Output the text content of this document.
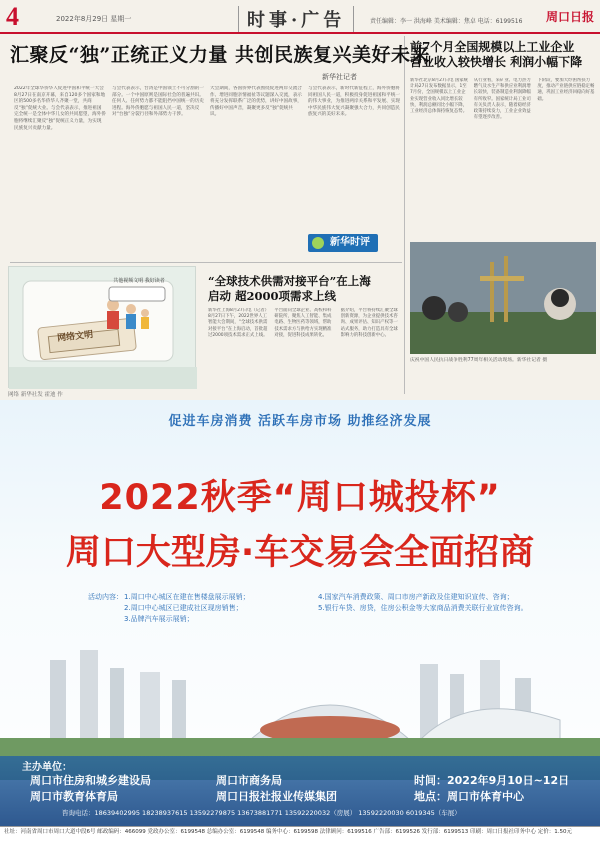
4	2022年8月29日 星期一	时事·广告	责任编辑：李一 洪海峰 美术编辑：焦卓 电话：6199516 周口日报
汇聚反“独”正统正义力量 共创民族复兴美好未来
新华社记者
2022年全球华侨华人促进中国和平统一大会8月27日在南京开幕，来自120多个国家和地区的500多名华侨华人齐聚一堂，共商反“独”促统大业。与会代表表示，推进祖国完全统一是全体中华儿女的共同愿望，海外侨胞将继续汇聚反“独”促统正义力量，为实现民族复兴贡献力量。
与会代表表示，台湾是中国领土不可分割的一部分。一个中国原则是国际社会的普遍共识。任何人、任何势力都不能阻挡中国统一的历史进程。海外侨胞愿与祖国人民一道，坚决反对“台独”分裂行径和外部势力干涉。
大会期间，各国侨界代表围绕促进两岸交流合作、增进同胞亲情福祉等议题深入交流，表示将充分发挥联系广泛的优势，讲好中国故事，传播好中国声音，凝聚更多反“独”促统共识。
与会代表表示，新时代新征程上，海外侨胞将同祖国人民一道，积极投身促进祖国和平统一的伟大事业，为推进两岸关系和平发展、实现中华民族伟大复兴凝聚强大合力，共同创造民族复兴的美好未来。
新华时评
共他视频文明 我好读者
网络文明
网络 新华社发 霍迪 作
“全球技术供需对接平台”在上海
启动 超2000项需求上线
新华社上海8月27日电（记者）8月27日下午，2022世界人工智能大会期间，“全球技术供需对接平台”在上海启动，首批超过2000项技术需求正式上线。
平台面向全球企业、高校和科研院所，聚焦人工智能、集成电路、生物医药等领域，帮助技术需求方与供给方实现精准对接，促进科技成果转化。
据介绍，平台将持续汇聚全球创新资源，为企业提供技术咨询、成果评估、知识产权等一站式服务，助力打造具有全球影响力的科技创新中心。
前7个月全国规模以上工业企业
营业收入较快增长 利润小幅下降
新华社北京8月27日电 国家统计局27日发布数据显示，1至7月份，全国规模以上工业企业实现营业收入同比增长较快，利润总额同比小幅下降，工业经济总体保持恢复态势。
从行业看，采矿业、电力热力燃气及水生产和供应业利润增长较快，装备制造业利润降幅有所收窄。国家统计局工业司有关负责人表示，随着稳经济政策持续发力，工业企业效益有望逐步改善。
下阶段，要加大纾困帮扶力度，推动产业链供应链稳定畅通，巩固工业经济回稳向好基础。
庆祝中国人民抗日战争胜利77周年相关活动现场。新华社记者 摄
促进车房消费 活跃车房市场 助推经济发展
2022秋季“周口城投杯”
周口大型房·车交易会全面招商
活动内容： 1.周口中心城区在建在售楼盘展示展销；
2.周口中心城区已建成社区现房销售；
3.品牌汽车展示展销；
4.国家汽车消费政策、周口市房产新政及住建知识宣传、咨询；
5.银行车贷、房贷，住房公积金等大家商品消费关联行业宣传咨询。
主办单位：
周口市住房和城乡建设局	周口市商务局
周口市教育体育局	周口日报社报业传媒集团
时间：2022年9月10日~12日
地点：周口市体育中心
咨询电话：18639402995 18238937615 13592279875 13673881771 13592220032（房展） 13592220030 6019345（车展）
社址：河南省周口市周口大道中段6号 邮政编码：466099 党政办公室：6199548 总编办公室：6199548 编务中心：6199598 法律顾问：6199516 广告部：6199526 发行部：6199513 印刷：周口日报社印务中心 定价：1.50元
